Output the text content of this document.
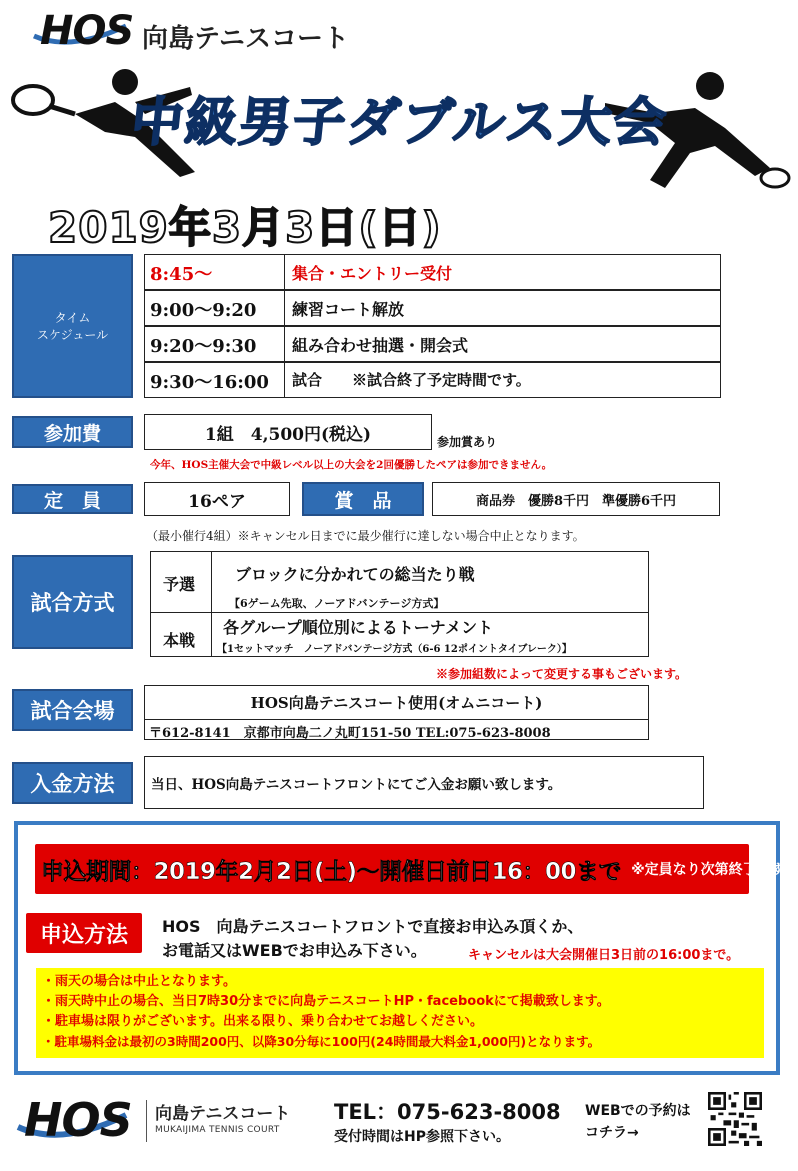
HOS 向島テニスコート
中級男子ダブルス大会
2019年3月3日(日)
タイム
スケジュール
8:45〜	集合・エントリー受付
9:00〜9:20 練習コート解放
9:20〜9:30 組み合わせ抽選・開会式
9:30〜16:00 試合　　※試合終了予定時間です。
参加費	1組　4,500円(税込)	参加賞あり
今年、HOS主催大会で中級レベル以上の大会を2回優勝したペアは参加できません。
定　員	16ペア	賞　品	商品券　優勝8千円　準優勝6千円
（最小催行4組）※キャンセル日までに最少催行に達しない場合中止となります。
試合方式
予選
ブロックに分かれての総当たり戦
【6ゲーム先取、ノーアドバンテージ方式】
本戦
各グループ順位別によるトーナメント
【1セットマッチ　ノーアドバンテージ方式（6-6 12ポイントタイブレーク）】
※参加組数によって変更する事もございます。
試合会場	HOS向島テニスコート使用(オムニコート)
〒612-8141　京都市向島二ノ丸町151-50 TEL:075-623-8008
入金方法	当日、HOS向島テニスコートフロントにてご入金お願い致します。
申込期間：2019年2月2日(土)〜開催日前日16：00まで ※定員なり次第終了です。
申込方法 HOS　向島テニスコートフロントで直接お申込み頂くか、
お電話又はWEBでお申込み下さい。	キャンセルは大会開催日3日前の16:00まで。
・雨天の場合は中止となります。
・雨天時中止の場合、当日7時30分までに向島テニスコートHP・facebookにて掲載致します。
・駐車場は限りがございます。出来る限り、乗り合わせてお越しください。
・駐車場料金は最初の3時間200円、以降30分毎に100円(24時間最大料金1,000円)となります。
HOS 向島テニスコート
MUKAIJIMA TENNIS COURT
TEL：075-623-8008
受付時間はHP参照下さい。
WEBでの予約は
コチラ→
